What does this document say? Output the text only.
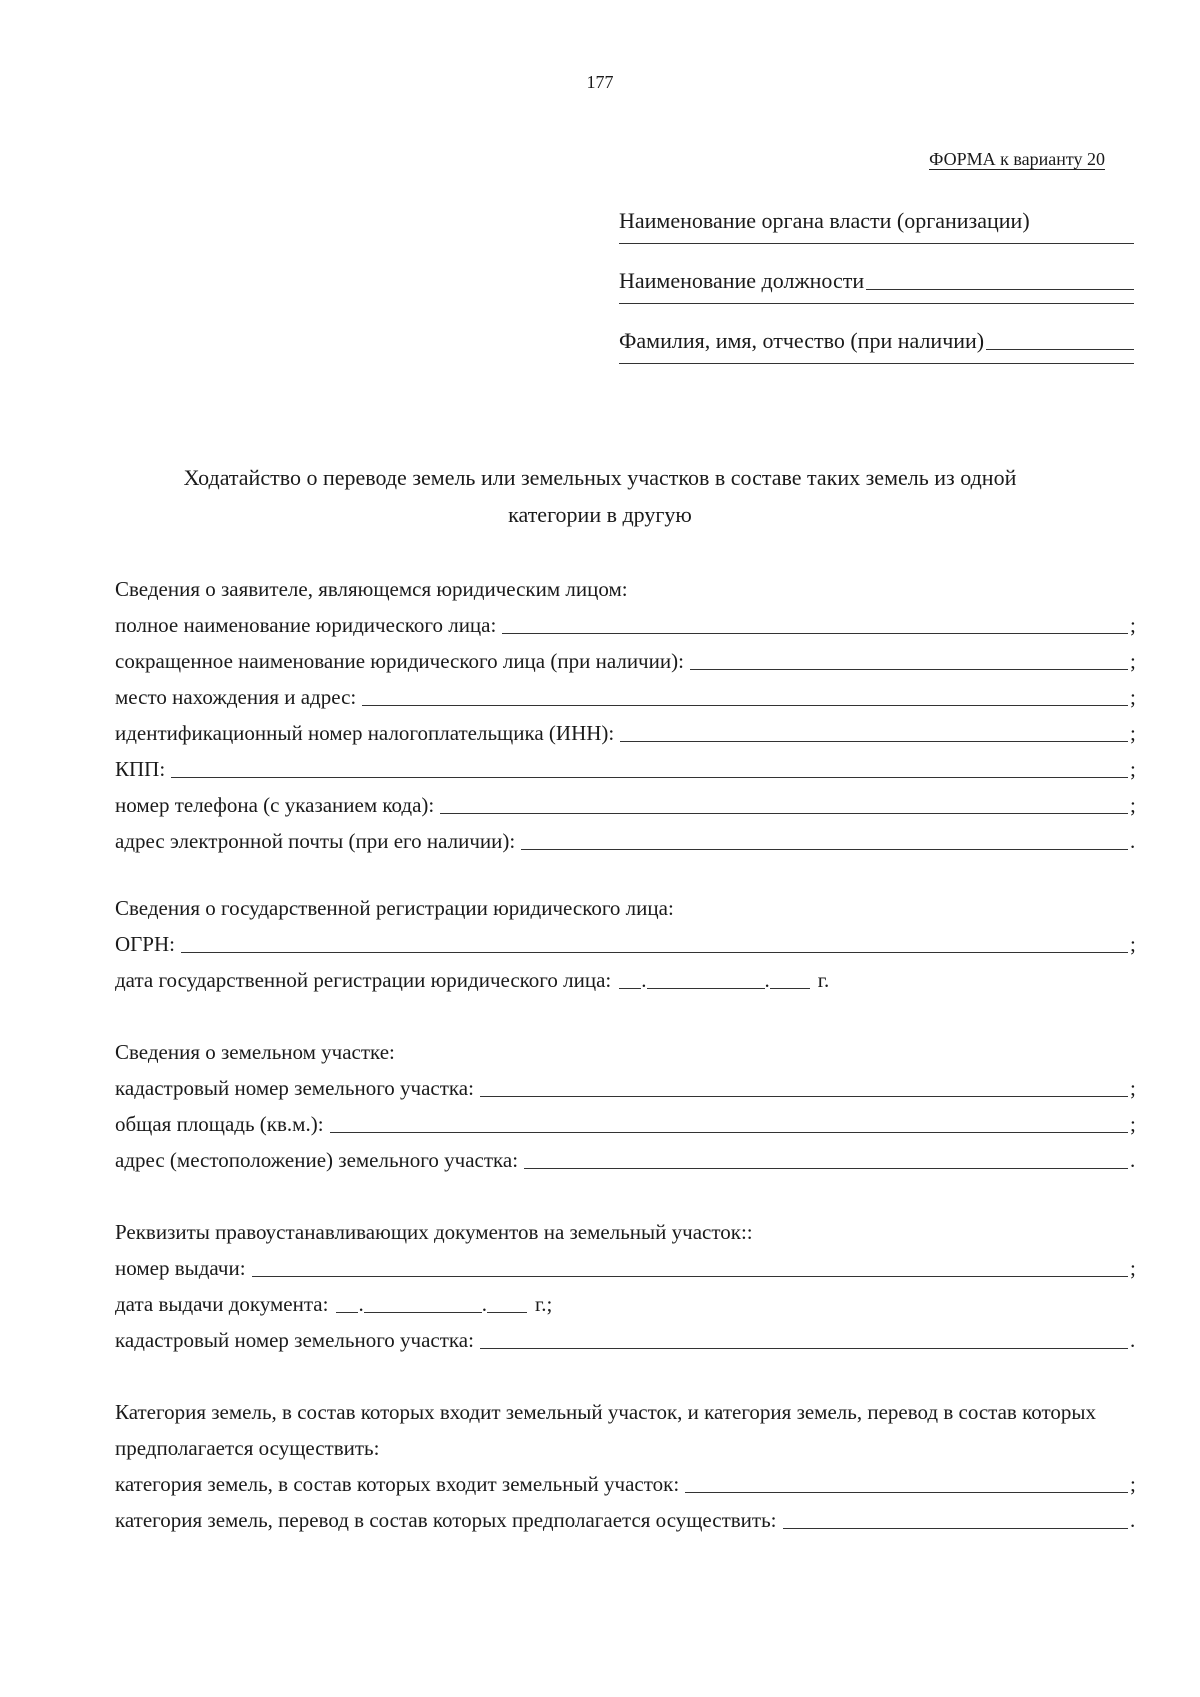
177
ФОРМА к варианту 20
Наименование органа власти (организации)
Наименование должности
Фамилия, имя, отчество (при наличии)
Ходатайство о переводе земель или земельных участков в составе таких земель из одной
категории в другую
Сведения о заявителе, являющемся юридическим лицом:
полное наименование юридического лица:	;
сокращенное наименование юридического лица (при наличии):	;
место нахождения и адрес:	;
идентификационный номер налогоплательщика (ИНН):	;
КПП:	;
номер телефона (с указанием кода):	;
адрес электронной почты (при его наличии):	.
Сведения о государственной регистрации юридического лица:
ОГРН:	;
дата государственной регистрации юридического лица: .	. г.
Сведения о земельном участке:
кадастровый номер земельного участка:	;
общая площадь (кв.м.):	;
адрес (местоположение) земельного участка:	.
Реквизиты правоустанавливающих документов на земельный участок::
номер выдачи:	;
дата выдачи документа: .	. г.;
кадастровый номер земельного участка:	.
Категория земель, в состав которых входит земельный участок, и категория земель, перевод в состав которых предполагается осуществить:
категория земель, в состав которых входит земельный участок:	;
категория земель, перевод в состав которых предполагается осуществить:	.
